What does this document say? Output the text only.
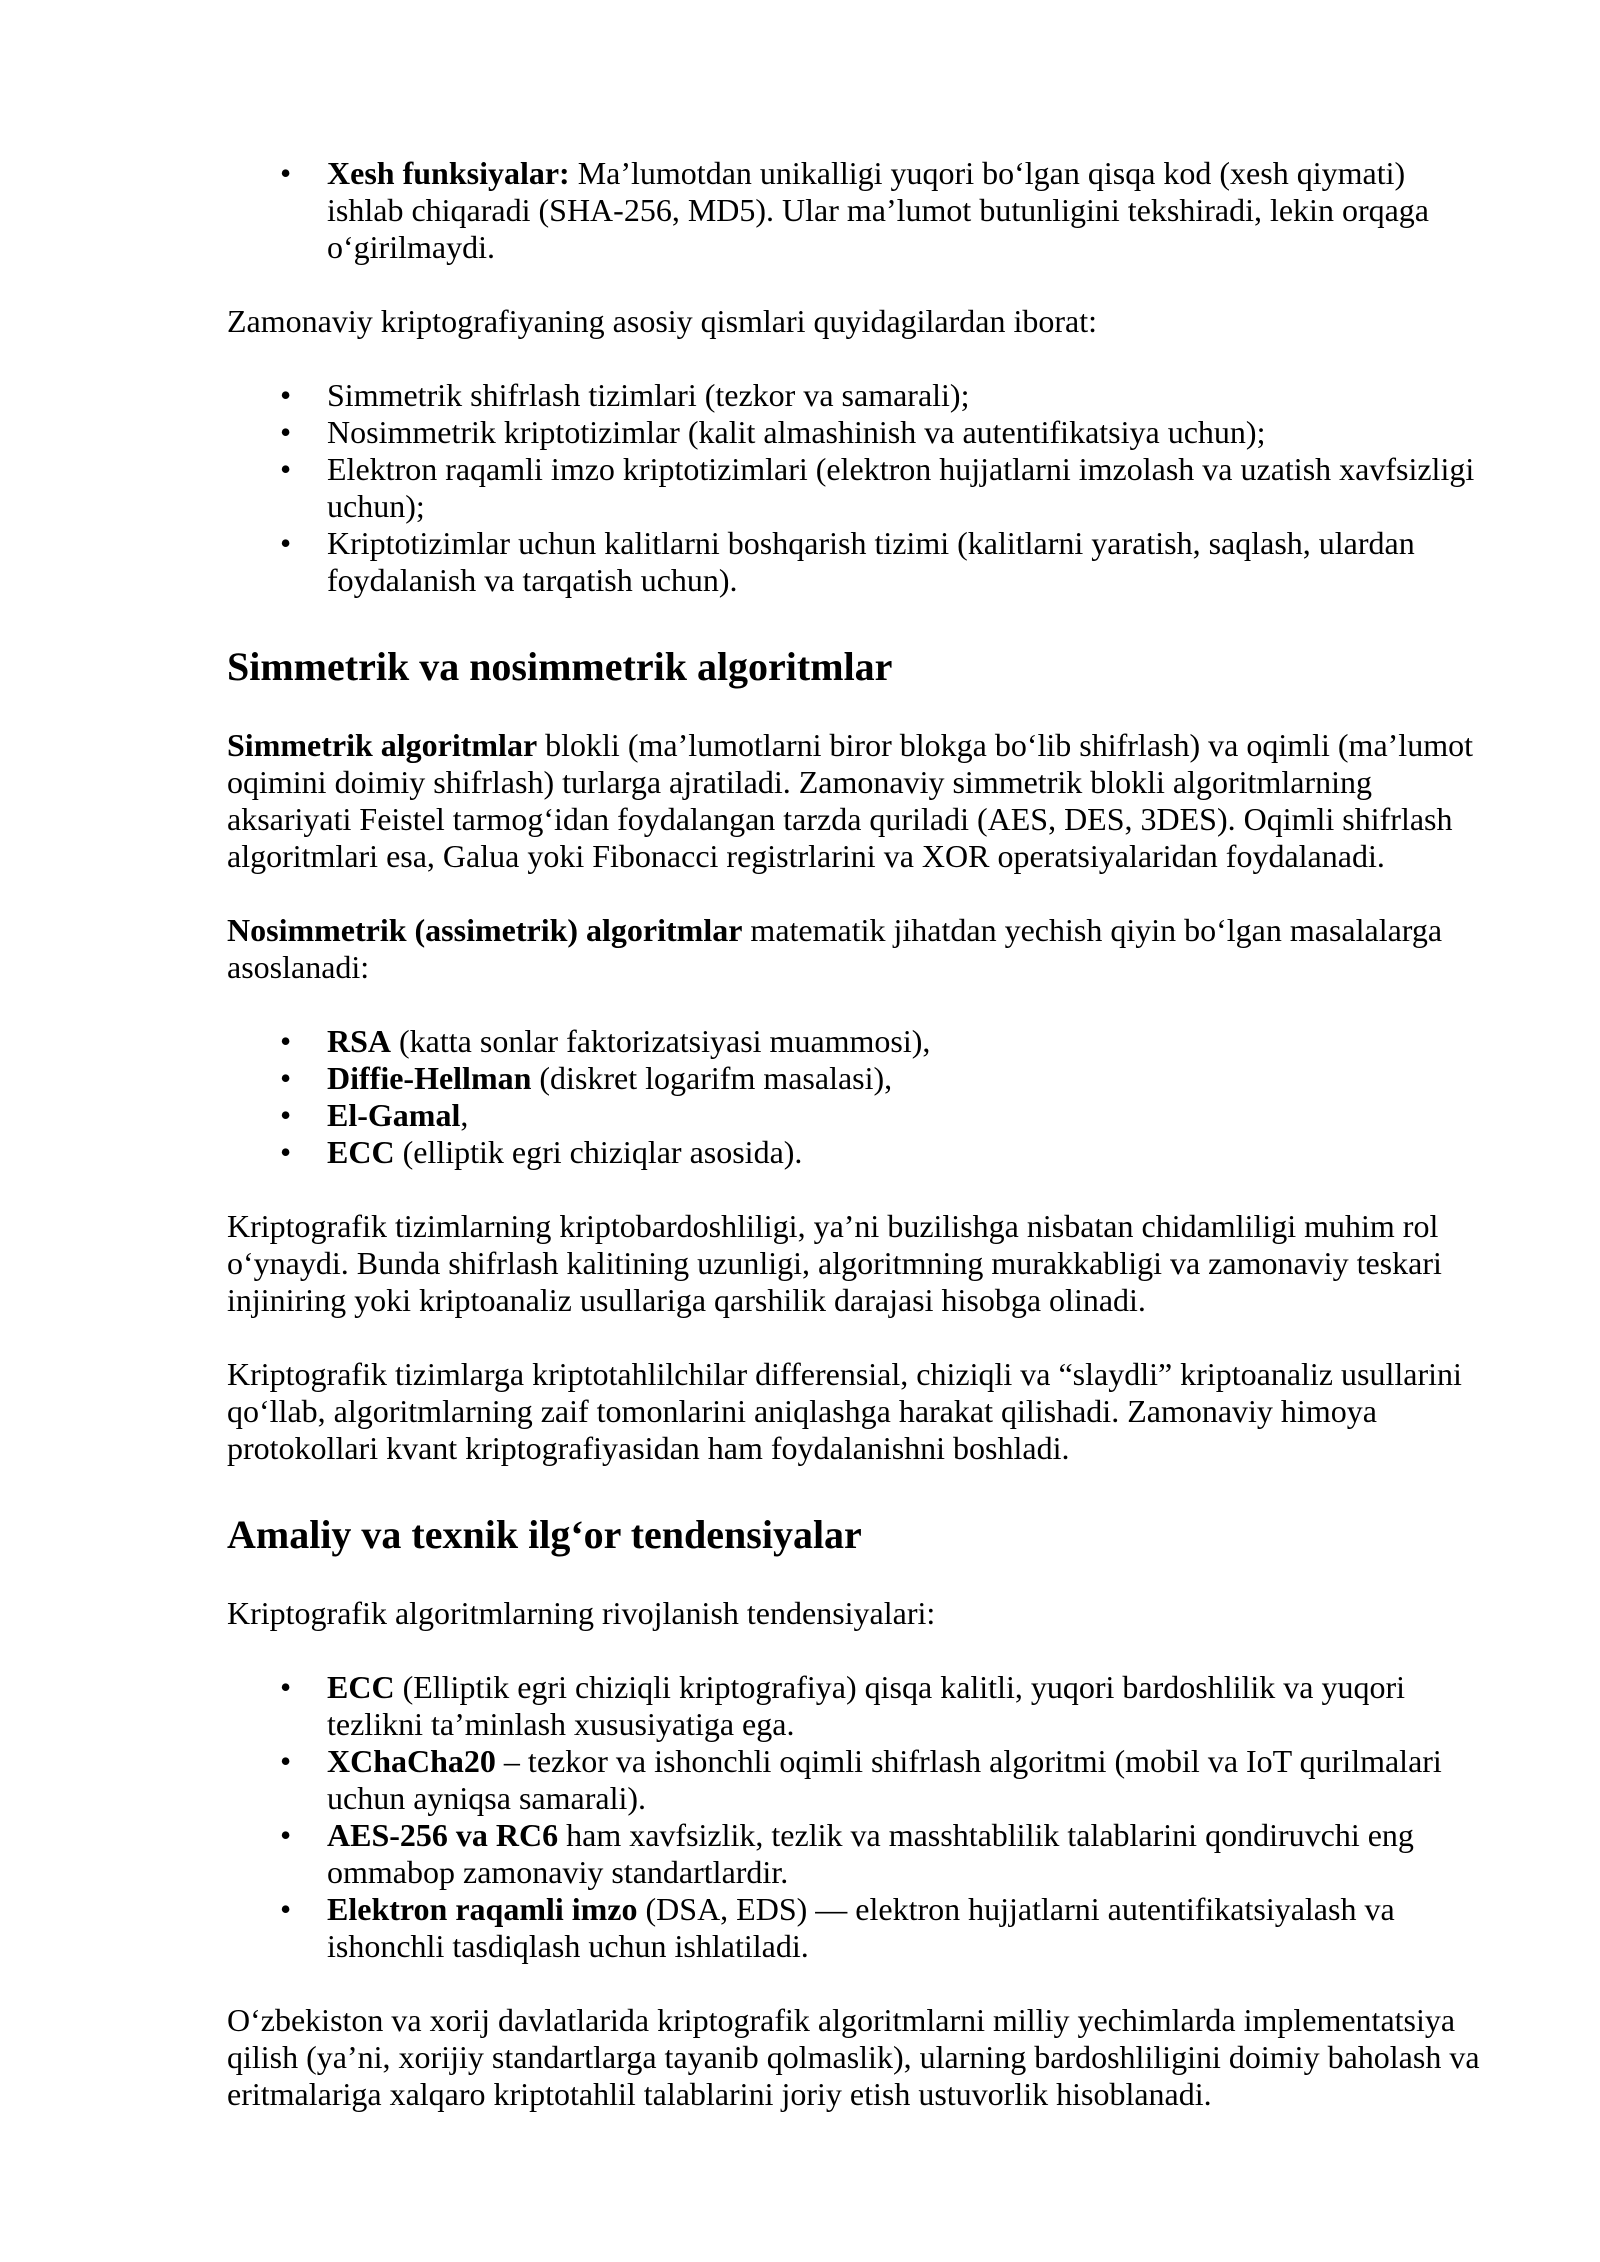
• Xesh funksiyalar: Ma’lumotdan unikalligi yuqori boʻlgan qisqa kod (xesh qiymati) ishlab chiqaradi (SHA-256, MD5). Ular ma’lumot butunligini tekshiradi, lekin orqaga oʻgirilmaydi.

Zamonaviy kriptografiyaning asosiy qismlari quyidagilardan iborat:

• Simmetrik shifrlash tizimlari (tezkor va samarali);
• Nosimmetrik kriptotizimlar (kalit almashinish va autentifikatsiya uchun);
• Elektron raqamli imzo kriptotizimlari (elektron hujjatlarni imzolash va uzatish xavfsizligi uchun);
• Kriptotizimlar uchun kalitlarni boshqarish tizimi (kalitlarni yaratish, saqlash, ulardan foydalanish va tarqatish uchun).
Simmetrik va nosimmetrik algoritmlar

Simmetrik algoritmlar blokli (ma’lumotlarni biror blokga boʻlib shifrlash) va oqimli (ma’lumot oqimini doimiy shifrlash) turlarga ajratiladi. Zamonaviy simmetrik blokli algoritmlarning aksariyati Feistel tarmogʻidan foydalangan tarzda quriladi (AES, DES, 3DES). Oqimli shifrlash algoritmlari esa, Galua yoki Fibonacci registrlarini va XOR operatsiyalaridan foydalanadi.

Nosimmetrik (assimetrik) algoritmlar matematik jihatdan yechish qiyin boʻlgan masalalarga asoslanadi:

• RSA (katta sonlar faktorizatsiyasi muammosi),
• Diffie-Hellman (diskret logarifm masalasi),
• El-Gamal,
• ECC (elliptik egri chiziqlar asosida).

Kriptografik tizimlarning kriptobardoshliligi, ya’ni buzilishga nisbatan chidamliligi muhim rol oʻynaydi. Bunda shifrlash kalitining uzunligi, algoritmning murakkabligi va zamonaviy teskari injiniring yoki kriptoanaliz usullariga qarshilik darajasi hisobga olinadi.

Kriptografik tizimlarga kriptotahlilchilar differensial, chiziqli va “slaydli” kriptoanaliz usullarini qoʻllab, algoritmlarning zaif tomonlarini aniqlashga harakat qilishadi. Zamonaviy himoya protokollari kvant kriptografiyasidan ham foydalanishni boshladi.

Amaliy va texnik ilgʻor tendensiyalar

Kriptografik algoritmlarning rivojlanish tendensiyalari:

• ECC (Elliptik egri chiziqli kriptografiya) qisqa kalitli, yuqori bardoshlilik va yuqori tezlikni ta’minlash xususiyatiga ega.
• XChaCha20 – tezkor va ishonchli oqimli shifrlash algoritmi (mobil va IoT qurilmalari uchun ayniqsa samarali).
• AES-256 va RC6 ham xavfsizlik, tezlik va masshtablilik talablarini qondiruvchi eng ommabop zamonaviy standartlardir.
• Elektron raqamli imzo (DSA, EDS) — elektron hujjatlarni autentifikatsiyalash va ishonchli tasdiqlash uchun ishlatiladi.

Oʻzbekiston va xorij davlatlarida kriptografik algoritmlarni milliy yechimlarda implementatsiya qilish (ya’ni, xorijiy standartlarga tayanib qolmaslik), ularning bardoshliligini doimiy baholash va eritmalariga xalqaro kriptotahlil talablarini joriy etish ustuvorlik hisoblanadi.
